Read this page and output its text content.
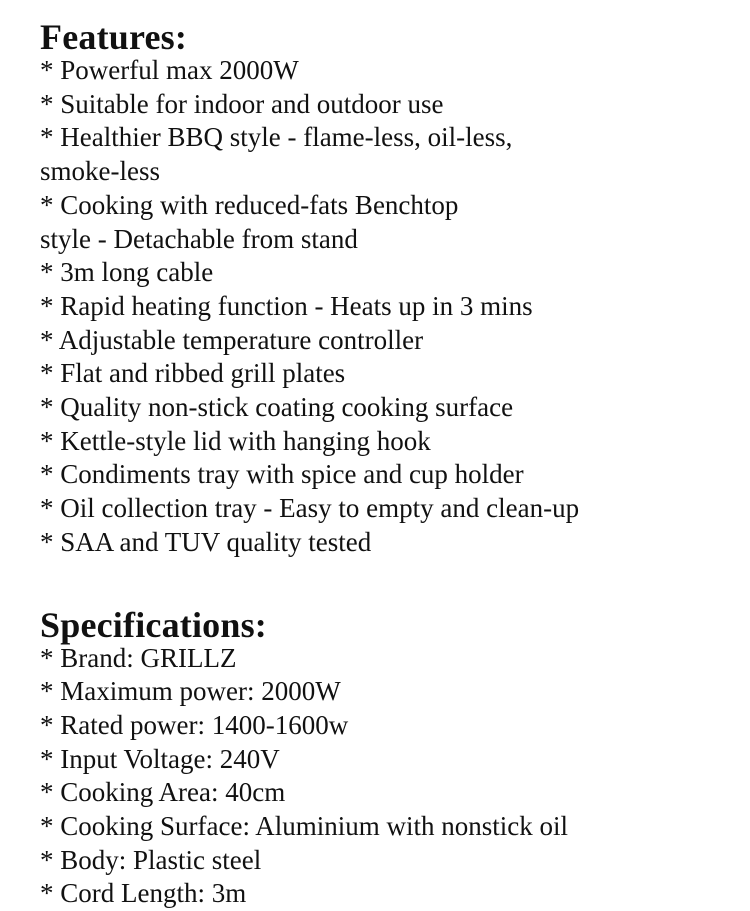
Features:
* Powerful max 2000W
* Suitable for indoor and outdoor use
* Healthier BBQ style - flame-less, oil-less,
smoke-less
* Cooking with reduced-fats Benchtop
style - Detachable from stand
* 3m long cable
* Rapid heating function - Heats up in 3 mins
* Adjustable temperature controller
* Flat and ribbed grill plates
* Quality non-stick coating cooking surface
* Kettle-style lid with hanging hook
* Condiments tray with spice and cup holder
* Oil collection tray - Easy to empty and clean-up
* SAA and TUV quality tested
Specifications:
* Brand: GRILLZ
* Maximum power: 2000W
* Rated power: 1400-1600w
* Input Voltage: 240V
* Cooking Area: 40cm
* Cooking Surface: Aluminium with nonstick oil
* Body: Plastic steel
* Cord Length: 3m
